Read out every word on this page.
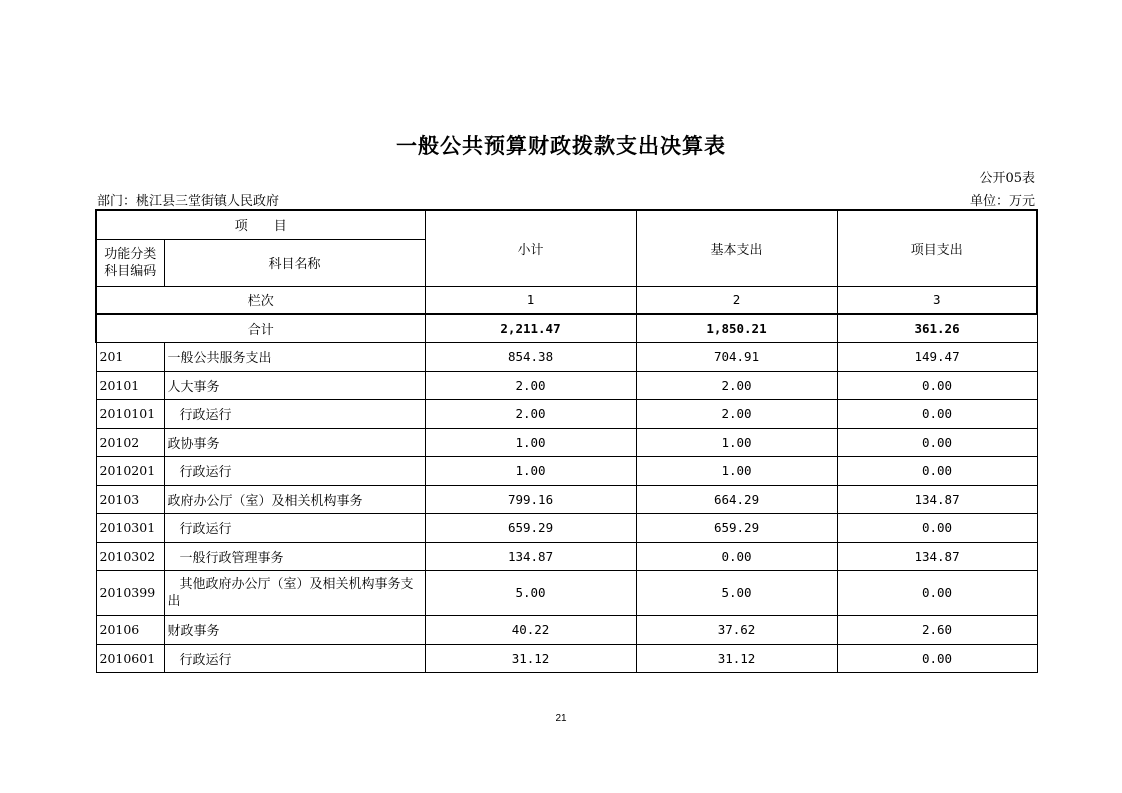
一般公共预算财政拨款支出决算表
公开05表
部门：桃江县三堂街镇人民政府	单位：万元
项　　目		小计	基本支出	项目支出
功能分类科目编码	科目名称			
栏次		1	2	3
合计		2,211.47	1,850.21	361.26
201	一般公共服务支出	854.38	704.91	149.47
20101	人大事务	2.00	2.00	0.00
2010101	行政运行	2.00	2.00	0.00
20102	政协事务	1.00	1.00	0.00
2010201	行政运行	1.00	1.00	0.00
20103	政府办公厅（室）及相关机构事务	799.16	664.29	134.87
2010301	行政运行	659.29	659.29	0.00
2010302	一般行政管理事务	134.87	0.00	134.87
2010399	其他政府办公厅（室）及相关机构事务支出	5.00	5.00	0.00
20106	财政事务	40.22	37.62	2.60
2010601	行政运行	31.12	31.12	0.00
21
